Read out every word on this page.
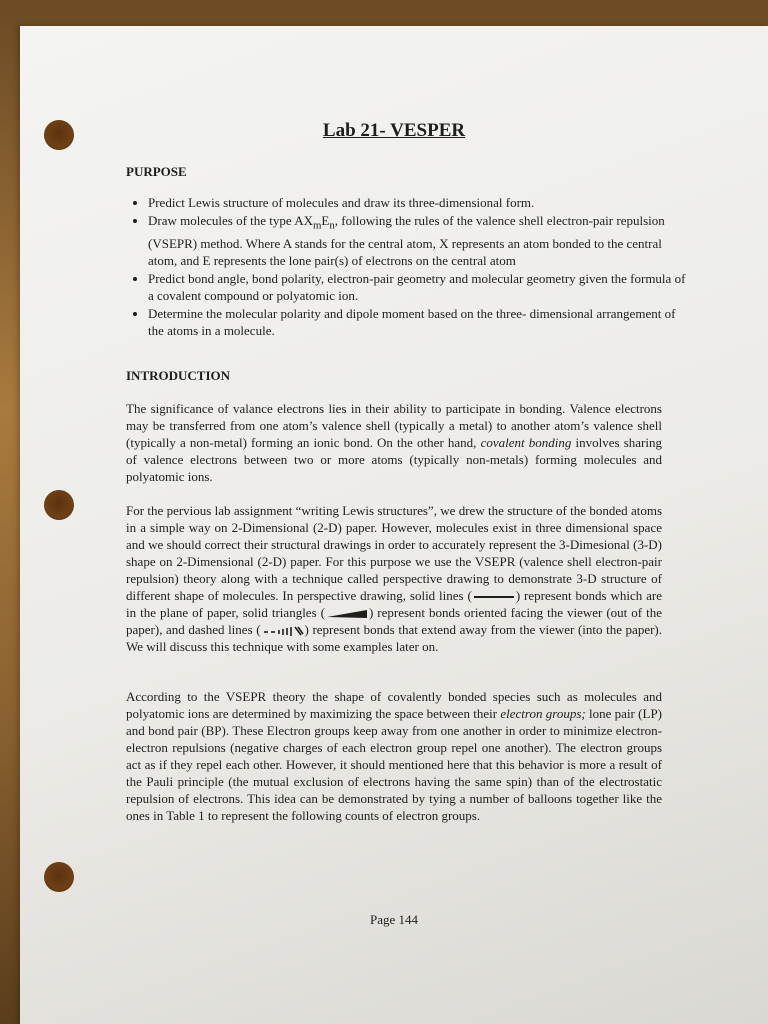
Lab 21- VESPER
PURPOSE
• Predict Lewis structure of molecules and draw its three-dimensional form.
• Draw molecules of the type $AX_mE_n$, following the rules of the valence shell electron-pair repulsion (VSEPR) method. Where A stands for the central atom, X represents an atom bonded to the central atom, and E represents the lone pair(s) of electrons on the central atom
• Predict bond angle, bond polarity, electron-pair geometry and molecular geometry given the formula of a covalent compound or polyatomic ion.
• Determine the molecular polarity and dipole moment based on the three- dimensional arrangement of the atoms in a molecule.
INTRODUCTION

The significance of valance electrons lies in their ability to participate in bonding. Valence electrons may be transferred from one atom’s valence shell (typically a metal) to another atom’s valence shell (typically a non-metal) forming an ionic bond. On the other hand, covalent bonding involves sharing of valence electrons between two or more atoms (typically non-metals) forming molecules and polyatomic ions.

For the pervious lab assignment “writing Lewis structures”, we drew the structure of the bonded atoms in a simple way on 2-Dimensional (2-D) paper. However, molecules exist in three dimensional space and we should correct their structural drawings in order to accurately represent the 3-Dimesional (3-D) shape on 2-Dimensional (2-D) paper. For this purpose we use the VSEPR (valence shell electron-pair repulsion) theory along with a technique called perspective drawing to demonstrate 3-D structure of different shape of molecules. In perspective drawing, solid lines (	) represent bonds which are in the plane of paper, solid triangles (	) represent bonds oriented facing the viewer (out of the paper), and dashed lines (	) represent bonds that extend away from the viewer (into the paper). We will discuss this technique with some examples later on.

According to the VSEPR theory the shape of covalently bonded species such as molecules and polyatomic ions are determined by maximizing the space between their electron groups; lone pair (LP) and bond pair (BP). These Electron groups keep away from one another in order to minimize electron-electron repulsions (negative charges of each electron group repel one another). The electron groups act as if they repel each other. However, it should mentioned here that this behavior is more a result of the Pauli principle (the mutual exclusion of electrons having the same spin) than of the electrostatic repulsion of electrons. This idea can be demonstrated by tying a number of balloons together like the ones in Table 1 to represent the following counts of electron groups.

Page 144
